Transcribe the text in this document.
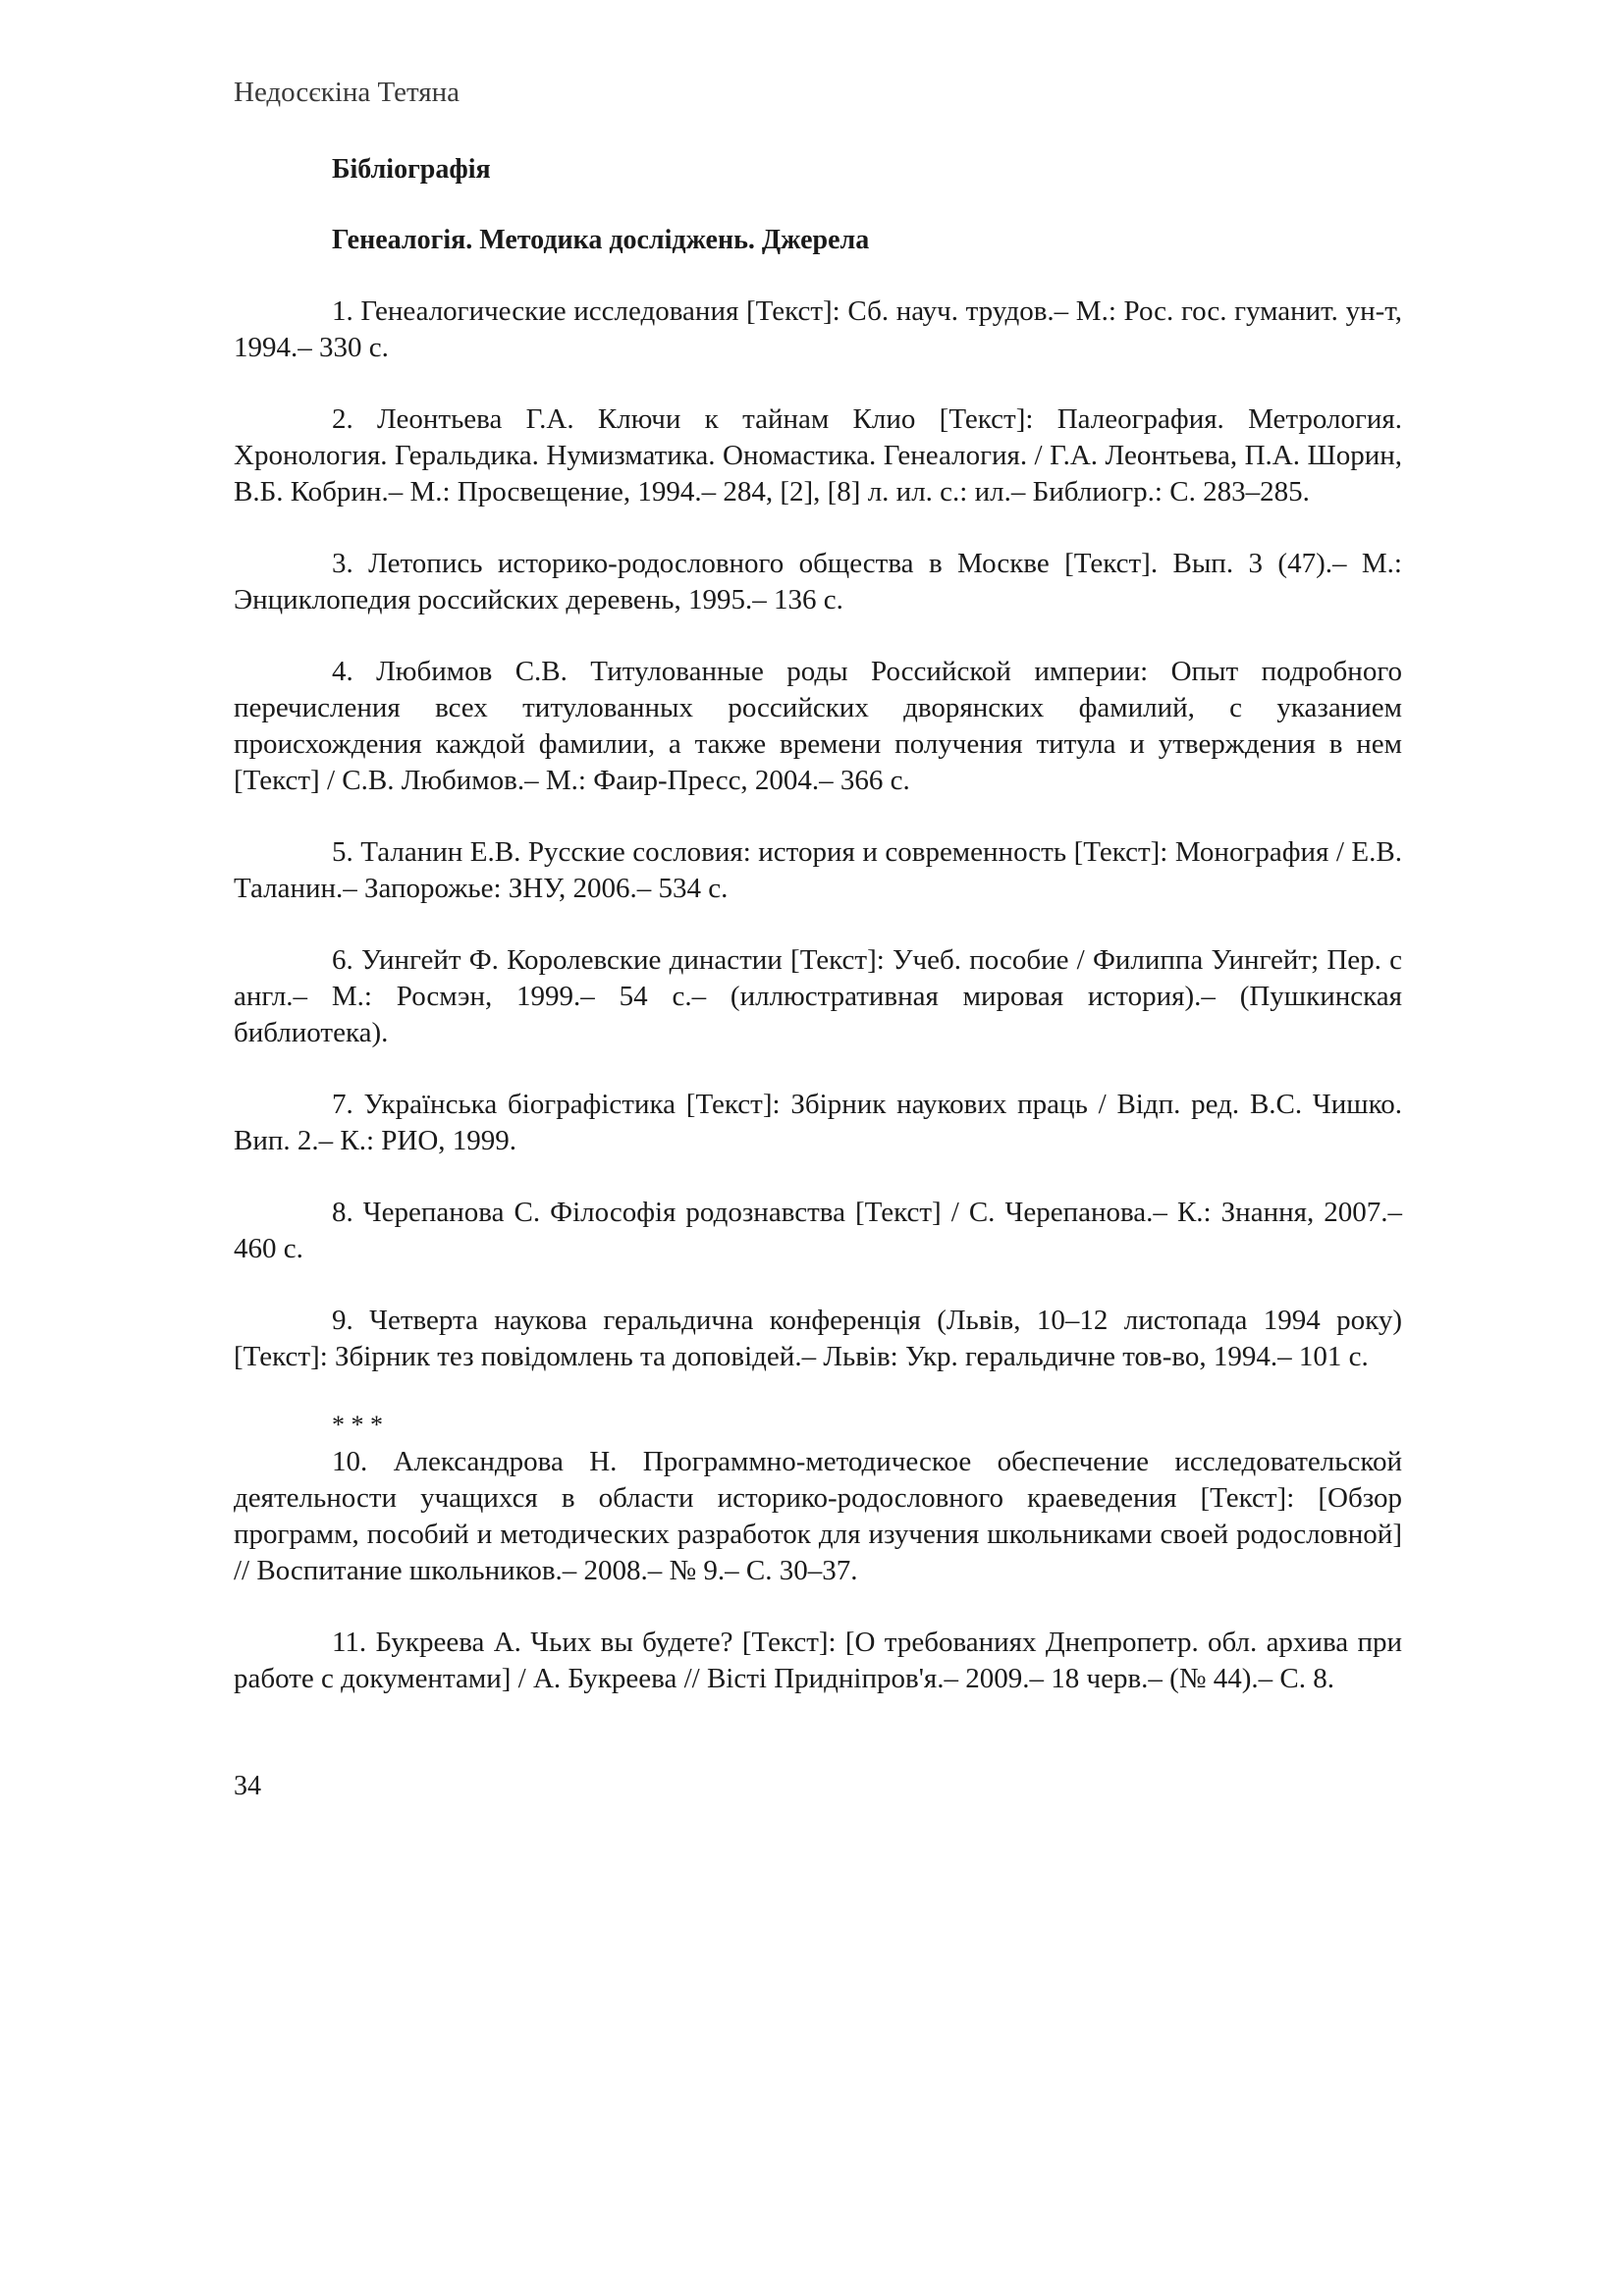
Недосєкіна Тетяна

Бібліографія

Генеалогія. Методика досліджень. Джерела

1. Генеалогические исследования [Текст]: Сб. науч. трудов.– М.: Рос. гос. гуманит. ун-т, 1994.– 330 с.

2. Леонтьева Г.А. Ключи к тайнам Клио [Текст]: Палеография. Метрология. Хронология. Геральдика. Нумизматика. Ономастика. Генеалогия. / Г.А. Леонтьева, П.А. Шорин, В.Б. Кобрин.– М.: Просвещение, 1994.– 284, [2], [8] л. ил. с.: ил.– Библиогр.: С. 283–285.

3. Летопись историко-родословного общества в Москве [Текст]. Вып. 3 (47).– М.: Энциклопедия российских деревень, 1995.– 136 с.

4. Любимов С.В. Титулованные роды Российской империи: Опыт подробного перечисления всех титулованных российских дворянских фамилий, с указанием происхождения каждой фамилии, а также времени получения титула и утверждения в нем [Текст] / С.В. Любимов.– М.: Фаир-Пресс, 2004.– 366 с.

5. Таланин Е.В. Русские сословия: история и современность [Текст]: Монография / Е.В. Таланин.– Запорожье: ЗНУ, 2006.– 534 с.

6. Уингейт Ф. Королевские династии [Текст]: Учеб. пособие / Филиппа Уингейт; Пер. с англ.– М.: Росмэн, 1999.– 54 с.– (иллюстративная мировая история).– (Пушкинская библиотека).

7. Українська біографістика [Текст]: Збірник наукових праць / Відп. ред. В.С. Чишко. Вип. 2.– К.: РИО, 1999.

8. Черепанова С. Філософія родознавства [Текст] / С. Черепанова.– К.: Знання, 2007.– 460 с.

9. Четверта наукова геральдична конференція (Львів, 10–12 листопада 1994 року) [Текст]: Збірник тез повідомлень та доповідей.– Львів: Укр. геральдичне тов-во, 1994.– 101 с.

* * *

10. Александрова Н. Программно-методическое обеспечение исследовательской деятельности учащихся в области историко-родословного краеведения [Текст]: [Обзор программ, пособий и методических разработок для изучения школьниками своей родословной] // Воспитание школьников.– 2008.– № 9.– С. 30–37.

11. Букреева А. Чьих вы будете? [Текст]: [О требованиях Днепропетр. обл. архива при работе с документами] / А. Букреева // Вісті Придніпров'я.– 2009.– 18 черв.– (№ 44).– С. 8.

34
